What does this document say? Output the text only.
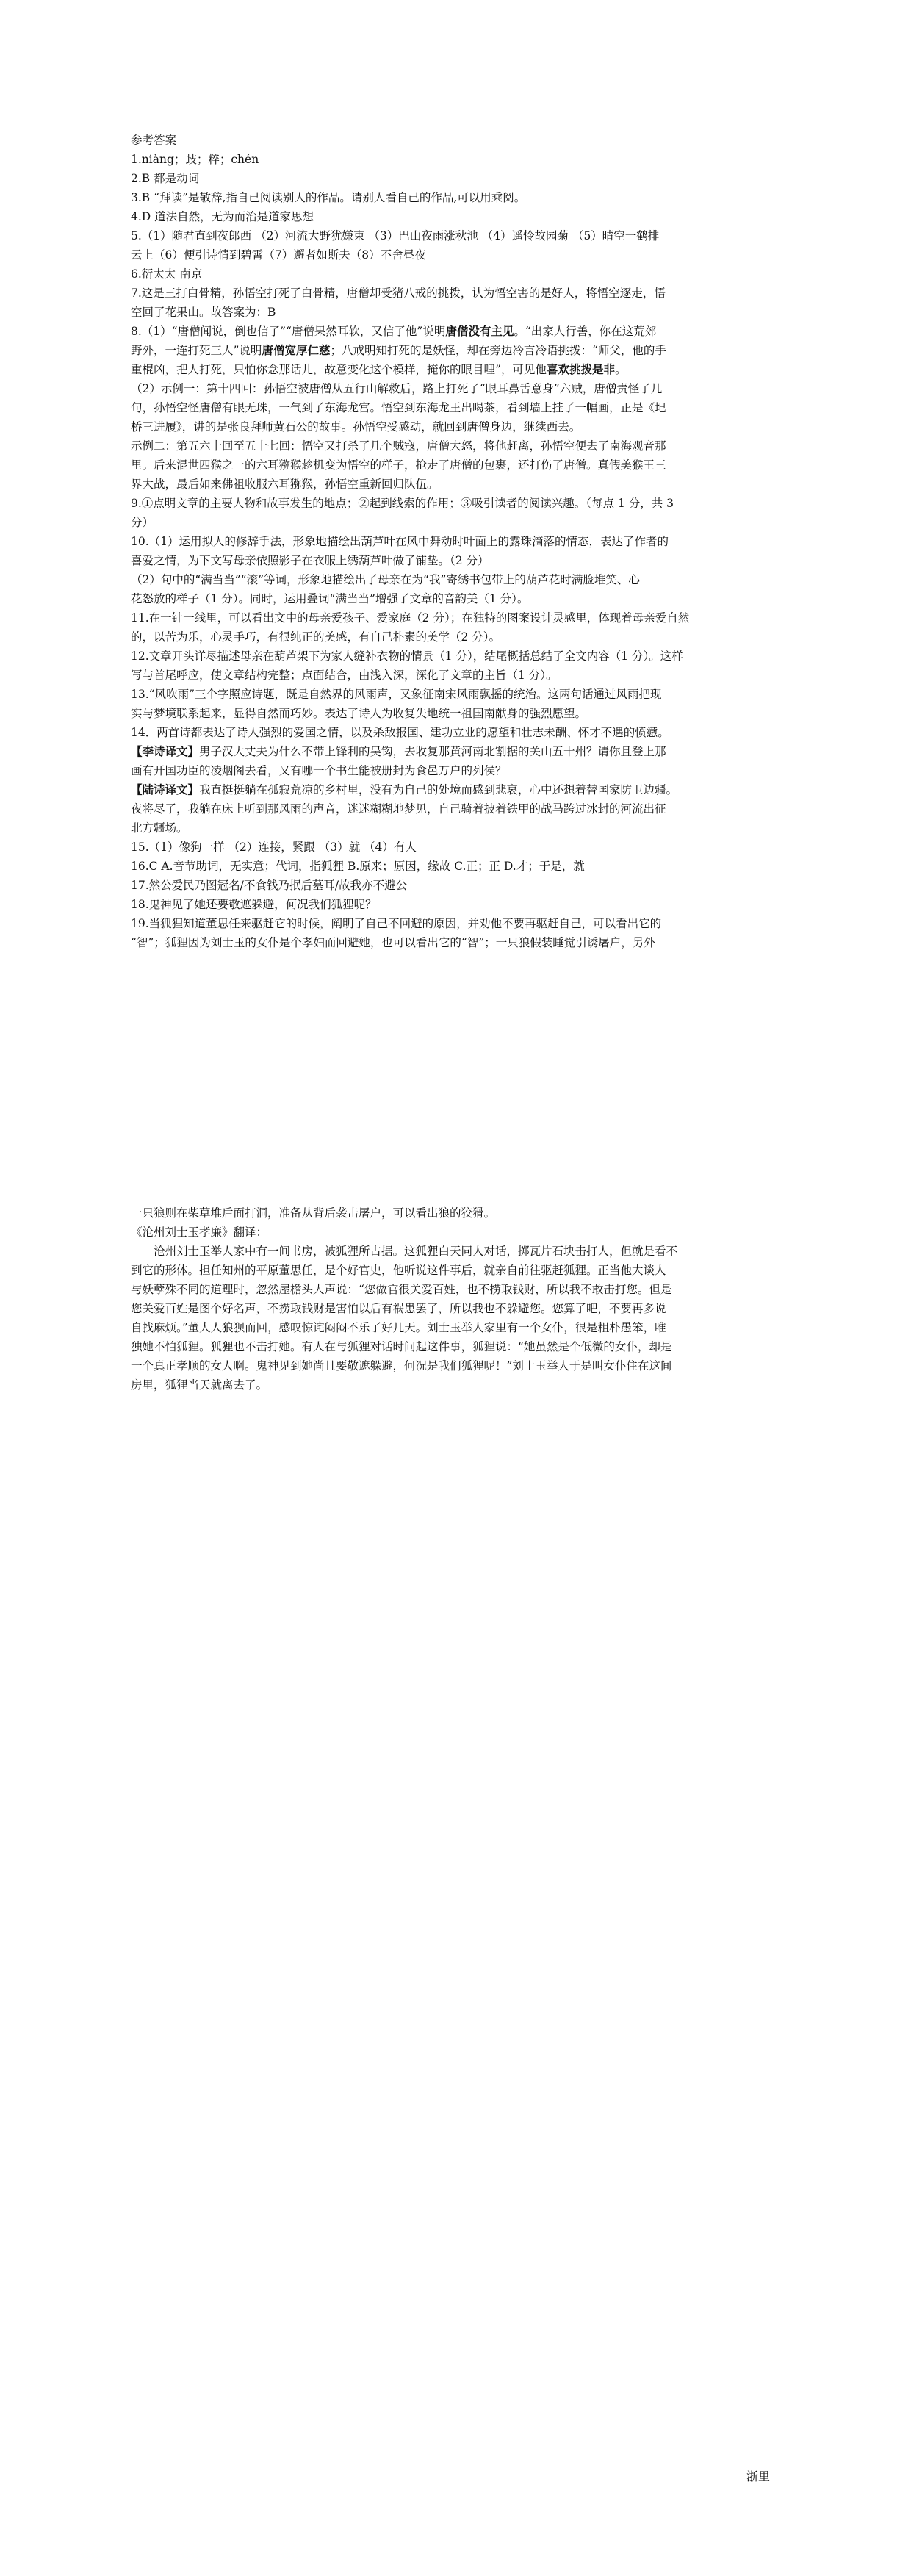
参考答案

1.niàng；歧；粹；chén

2.B 都是动词

3.B “拜读”是敬辞,指自己阅读别人的作品。请别人看自己的作品,可以用乘阅。

4.D 道法自然，无为而治是道家思想

5.（1）随君直到夜郎西 （2）河流大野犹嫌束 （3）巴山夜雨涨秋池 （4）遥怜故园菊 （5）晴空一鹤排

云上（6）便引诗情到碧霄（7）邂者如斯夫（8）不舍昼夜

6.衍太太 南京

7.这是三打白骨精，孙悟空打死了白骨精，唐僧却受猪八戒的挑拨，认为悟空害的是好人，将悟空逐走，悟

空回了花果山。故答案为：B

8.（1）“唐僧闻说，倒也信了”“唐僧果然耳软，又信了他”说明唐僧没有主见。“出家人行善，你在这荒郊

野外，一连打死三人”说明唐僧宽厚仁慈；八戒明知打死的是妖怪，却在旁边冷言冷语挑拨：“师父，他的手

重棍凶，把人打死，只怕你念那话儿，故意变化这个模样，掩你的眼目哩”，可见他喜欢挑拨是非。

（2）示例一：第十四回：孙悟空被唐僧从五行山解救后，路上打死了“眼耳鼻舌意身”六贼，唐僧责怪了几

句，孙悟空怪唐僧有眼无珠，一气到了东海龙宫。悟空到东海龙王出喝茶，看到墙上挂了一幅画，正是《圯

桥三进履》，讲的是张良拜师黄石公的故事。孙悟空受感动，就回到唐僧身边，继续西去。

示例二：第五六十回至五十七回：悟空又打杀了几个贼寇，唐僧大怒，将他赶离，孙悟空便去了南海观音那

里。后来混世四猴之一的六耳猕猴趁机变为悟空的样子，抢走了唐僧的包裹，还打伤了唐僧。真假美猴王三

界大战，最后如来佛祖收服六耳猕猴，孙悟空重新回归队伍。

9.①点明文章的主要人物和故事发生的地点；②起到线索的作用；③吸引读者的阅读兴趣。（每点 1 分，共 3

分）

10.（1）运用拟人的修辞手法，形象地描绘出葫芦叶在风中舞动时叶面上的露珠滴落的情态，表达了作者的

喜爱之情，为下文写母亲依照影子在衣服上绣葫芦叶做了铺垫。（2 分）

（2）句中的“满当当”“滚”等词，形象地描绘出了母亲在为“我”寄绣书包带上的葫芦花时满脸堆笑、心

花怒放的样子（1 分）。同时，运用叠词“满当当”增强了文章的音韵美（1 分）。

11.在一针一线里，可以看出文中的母亲爱孩子、爱家庭（2 分）；在独特的图案设计灵感里，体现着母亲爱自然

的，以苦为乐，心灵手巧，有很纯正的美感，有自己朴素的美学（2 分）。

12.文章开头详尽描述母亲在葫芦架下为家人缝补衣物的情景（1 分），结尾概括总结了全文内容（1 分）。这样

写与首尾呼应，使文章结构完整；点面结合，由浅入深，深化了文章的主旨（1 分）。

13.“风吹雨”三个字照应诗题，既是自然界的风雨声，又象征南宋风雨飘摇的统治。这两句话通过风雨把现

实与梦境联系起来，显得自然而巧妙。表达了诗人为收复失地统一祖国南献身的强烈愿望。

14．两首诗都表达了诗人强烈的爱国之情，以及杀敌报国、建功立业的愿望和壮志未酬、怀才不遇的愤懑。

【李诗译文】男子汉大丈夫为什么不带上锋利的吴钩，去收复那黄河南北割据的关山五十州？请你且登上那

画有开国功臣的凌烟阁去看，又有哪一个书生能被册封为食邑万户的列侯？

【陆诗译文】我直挺挺躺在孤寂荒凉的乡村里，没有为自己的处境而感到悲哀，心中还想着替国家防卫边疆。

夜将尽了，我躺在床上听到那风雨的声音，迷迷糊糊地梦见，自己骑着披着铁甲的战马跨过冰封的河流出征

北方疆场。

15.（1）像狗一样 （2）连接，紧跟 （3）就 （4）有人

16.C A.音节助词，无实意；代词，指狐狸 B.原来；原因，缘故 C.正；正 D.才；于是，就

17.然公爱民乃图冠名/不食钱乃抿后墓耳/故我亦不避公

18.鬼神见了她还要敬遮躲避，何况我们狐狸呢？

19.当狐狸知道董思任来驱赶它的时候，阐明了自己不回避的原因，并劝他不要再驱赶自己，可以看出它的

“智”；狐狸因为刘士玉的女仆是个孝妇而回避她，也可以看出它的“智”；一只狼假装睡觉引诱屠户，另外

一只狼则在柴草堆后面打洞，准备从背后袭击屠户，可以看出狼的狡猾。

《沧州刘士玉孝廉》翻译：

沧州刘士玉举人家中有一间书房，被狐狸所占据。这狐狸白天同人对话，掷瓦片石块击打人，但就是看不

到它的形体。担任知州的平原董思任，是个好官史，他听说这件事后，就亲自前往驱赶狐狸。正当他大谈人

与妖孽殊不同的道理时，忽然屋檐头大声说：“您做官很关爱百姓，也不捞取钱财，所以我不敢击打您。但是

您关爱百姓是图个好名声，不捞取钱财是害怕以后有祸患罢了，所以我也不躲避您。您算了吧，不要再多说

自找麻烦。”董大人狼狈而回，感叹惊诧闷闷不乐了好几天。刘士玉举人家里有一个女仆，很是粗朴愚笨，唯

独她不怕狐狸。狐狸也不击打她。有人在与狐狸对话时问起这件事，狐狸说：“她虽然是个低微的女仆，却是

一个真正孝顺的女人啊。鬼神见到她尚且要敬遮躲避，何况是我们狐狸呢！”刘士玉举人于是叫女仆住在这间

房里，狐狸当天就离去了。

浙里
